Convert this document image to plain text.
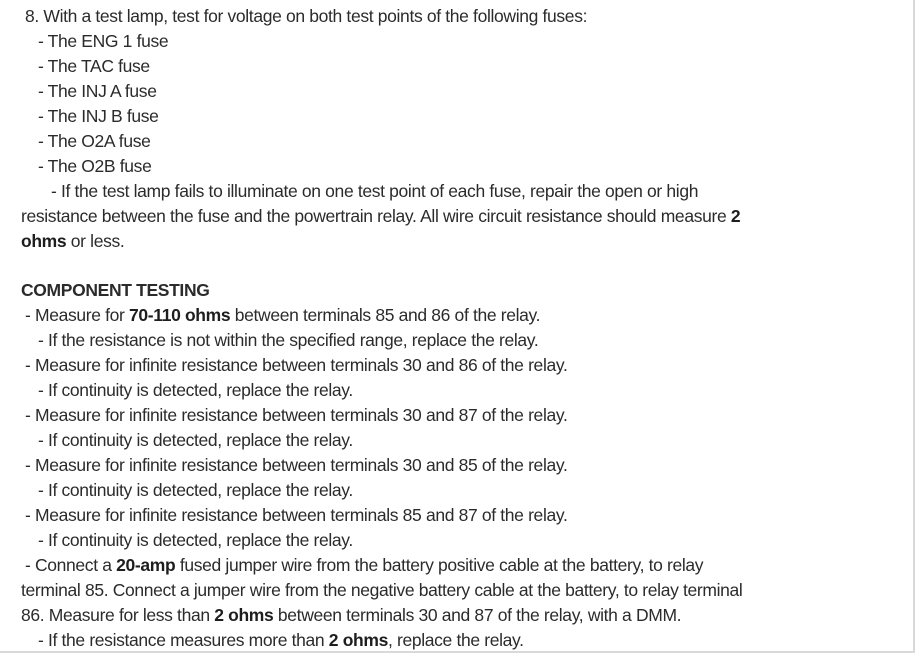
8. With a test lamp, test for voltage on both test points of the following fuses:
- The ENG 1 fuse
- The TAC fuse
- The INJ A fuse
- The INJ B fuse
- The O2A fuse
- The O2B fuse
- If the test lamp fails to illuminate on one test point of each fuse, repair the open or high
resistance between the fuse and the powertrain relay. All wire circuit resistance should measure 2
ohms or less.
COMPONENT TESTING
- Measure for 70-110 ohms between terminals 85 and 86 of the relay.
- If the resistance is not within the specified range, replace the relay.
- Measure for infinite resistance between terminals 30 and 86 of the relay.
- If continuity is detected, replace the relay.
- Measure for infinite resistance between terminals 30 and 87 of the relay.
- If continuity is detected, replace the relay.
- Measure for infinite resistance between terminals 30 and 85 of the relay.
- If continuity is detected, replace the relay.
- Measure for infinite resistance between terminals 85 and 87 of the relay.
- If continuity is detected, replace the relay.
- Connect a 20-amp fused jumper wire from the battery positive cable at the battery, to relay
terminal 85. Connect a jumper wire from the negative battery cable at the battery, to relay terminal
86. Measure for less than 2 ohms between terminals 30 and 87 of the relay, with a DMM.
- If the resistance measures more than 2 ohms, replace the relay.
